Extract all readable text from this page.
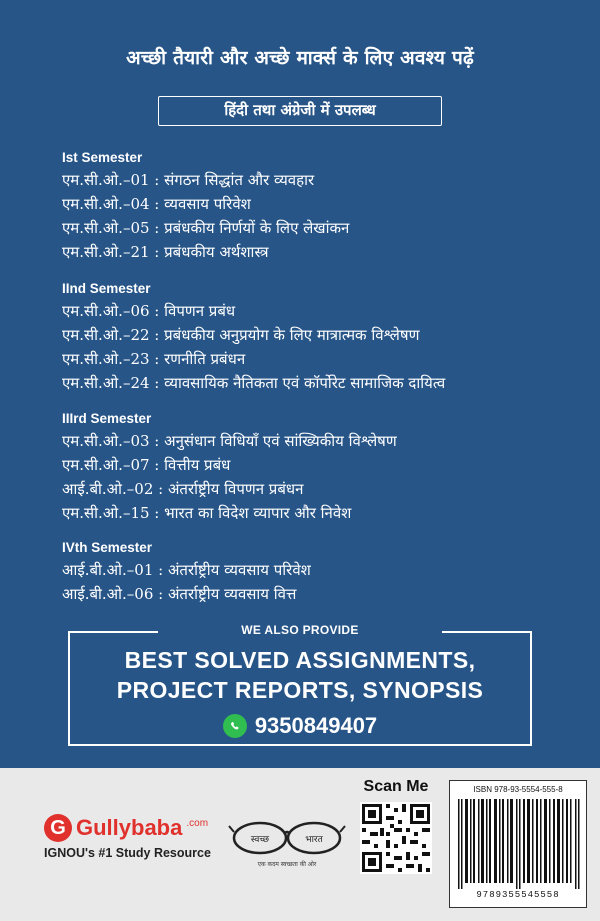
अच्छी तैयारी और अच्छे मार्क्स के लिए अवश्य पढ़ें
हिंदी तथा अंग्रेजी में उपलब्ध
Ist Semester
एम.सी.ओ.–01 : संगठन सिद्धांत और व्यवहार
एम.सी.ओ.–04 : व्यवसाय परिवेश
एम.सी.ओ.–05 : प्रबंधकीय निर्णयों के लिए लेखांकन
एम.सी.ओ.–21 : प्रबंधकीय अर्थशास्त्र
IInd Semester
एम.सी.ओ.–06 : विपणन प्रबंध
एम.सी.ओ.–22 : प्रबंधकीय अनुप्रयोग के लिए मात्रात्मक विश्लेषण
एम.सी.ओ.–23 : रणनीति प्रबंधन
एम.सी.ओ.–24 : व्यावसायिक नैतिकता एवं कॉर्पोरेट सामाजिक दायित्व
IIIrd Semester
एम.सी.ओ.–03 : अनुसंधान विधियाँ एवं सांख्यिकीय विश्लेषण
एम.सी.ओ.–07 : वित्तीय प्रबंध
आई.बी.ओ.–02 : अंतर्राष्ट्रीय विपणन प्रबंधन
एम.सी.ओ.–15 : भारत का विदेश व्यापार और निवेश
IVth Semester
आई.बी.ओ.–01 : अंतर्राष्ट्रीय व्यवसाय परिवेश
आई.बी.ओ.–06 : अंतर्राष्ट्रीय व्यवसाय वित्त
WE ALSO PROVIDE
BEST SOLVED ASSIGNMENTS,
PROJECT REPORTS, SYNOPSIS
9350849407
G Gullybaba .com
IGNOU's #1 Study Resource
स्वच्छ	भारत
एक कदम स्वच्छता की ओर
Scan Me	ISBN 978-93-5554-555-8
9789355545558
